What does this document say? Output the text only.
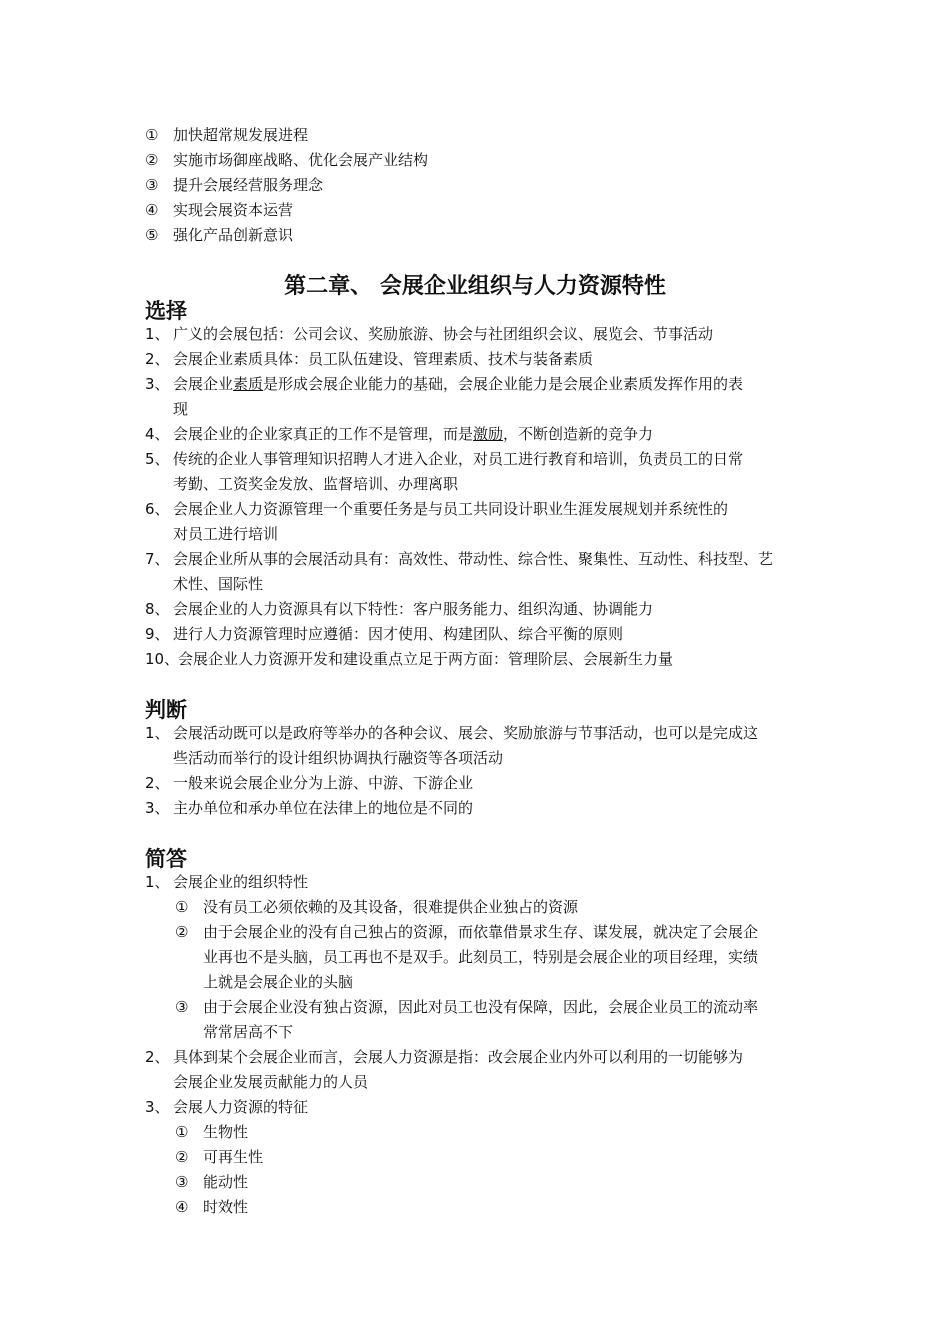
① 加快超常规发展进程
② 实施市场御座战略、优化会展产业结构
③ 提升会展经营服务理念
④ 实现会展资本运营
⑤ 强化产品创新意识
第二章、 会展企业组织与人力资源特性
选择
1、 广义的会展包括：公司会议、奖励旅游、协会与社团组织会议、展览会、节事活动
2、 会展企业素质具体：员工队伍建设、管理素质、技术与装备素质
3、 会展企业素质是形成会展企业能力的基础，会展企业能力是会展企业素质发挥作用的表
现
4、 会展企业的企业家真正的工作不是管理，而是激励，不断创造新的竞争力
5、 传统的企业人事管理知识招聘人才进入企业，对员工进行教育和培训，负责员工的日常
考勤、工资奖金发放、监督培训、办理离职
6、 会展企业人力资源管理一个重要任务是与员工共同设计职业生涯发展规划并系统性的
对员工进行培训
7、 会展企业所从事的会展活动具有：高效性、带动性、综合性、聚集性、互动性、科技型、艺
术性、国际性
8、 会展企业的人力资源具有以下特性：客户服务能力、组织沟通、协调能力
9、 进行人力资源管理时应遵循：因才使用、构建团队、综合平衡的原则
10、
会展企业人力资源开发和建设重点立足于两方面：管理阶层、会展新生力量
判断
1、 会展活动既可以是政府等举办的各种会议、展会、奖励旅游与节事活动，也可以是完成这
些活动而举行的设计组织协调执行融资等各项活动
2、 一般来说会展企业分为上游、中游、下游企业
3、 主办单位和承办单位在法律上的地位是不同的
简答
1、 会展企业的组织特性
① 没有员工必须依赖的及其设备，很难提供企业独占的资源
② 由于会展企业的没有自己独占的资源，而依靠借景求生存、谋发展，就决定了会展企
业再也不是头脑，员工再也不是双手。此刻员工，特别是会展企业的项目经理，实绩
上就是会展企业的头脑
③ 由于会展企业没有独占资源，因此对员工也没有保障，因此，会展企业员工的流动率
常常居高不下
2、 具体到某个会展企业而言，会展人力资源是指：改会展企业内外可以利用的一切能够为
会展企业发展贡献能力的人员
3、 会展人力资源的特征
① 生物性
② 可再生性
③ 能动性
④ 时效性
